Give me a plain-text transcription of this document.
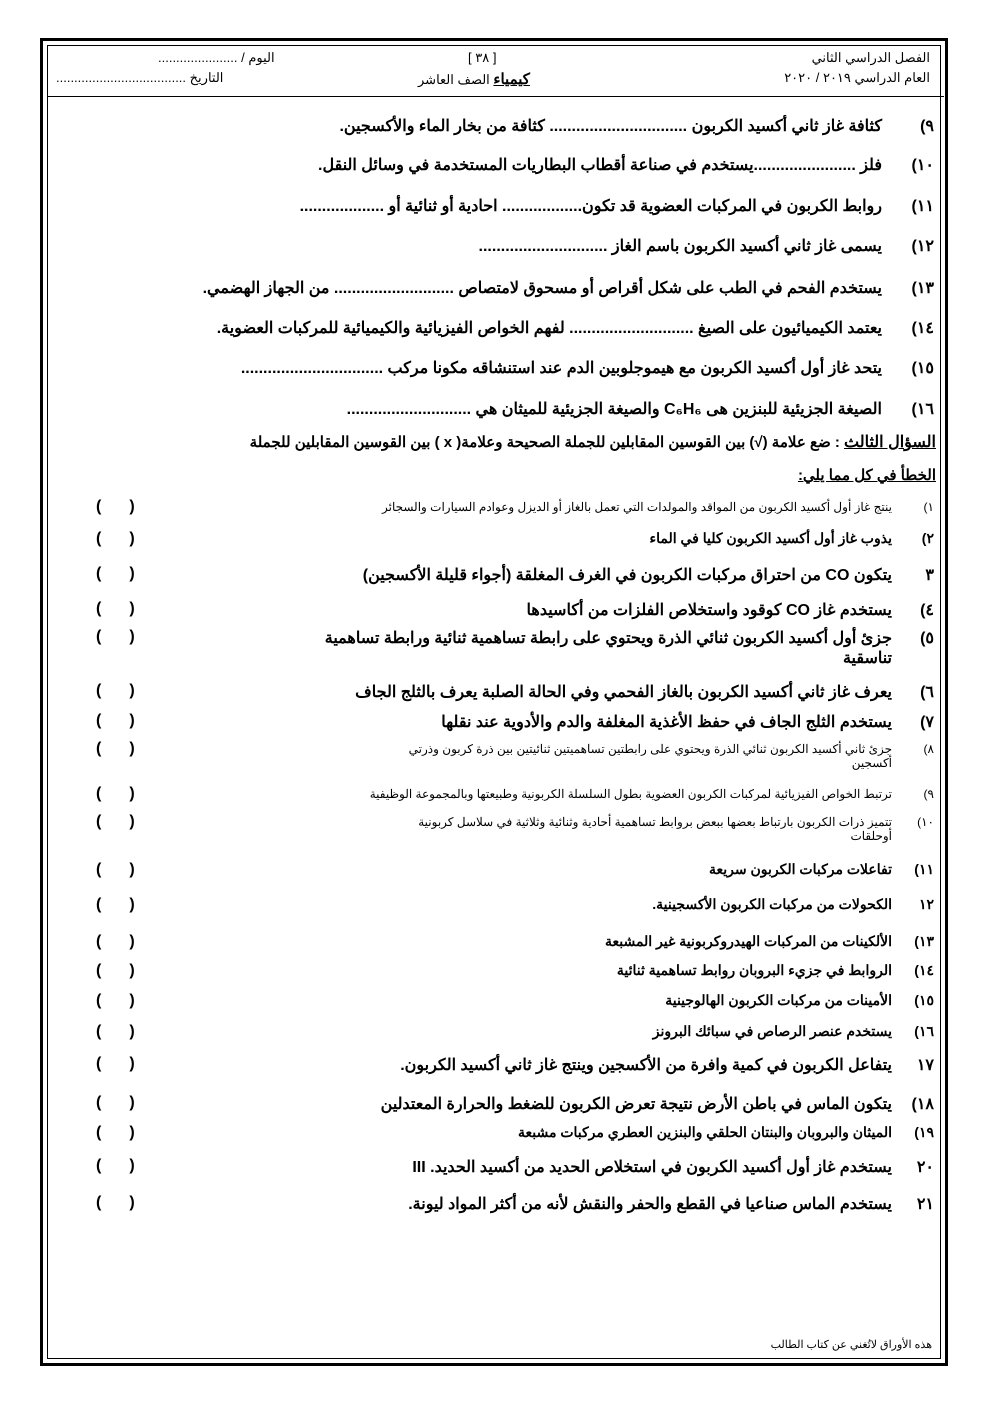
الفصل الدراسي الثاني
العام الدراسي ٢٠١٩ / ٢٠٢٠
[ ٣٨ ]
كيمياء الصف العاشر
اليوم / ......................
التاريخ ....................................
٩)كثافة غاز ثاني أكسيد الكربون ............................... كثافة من بخار الماء والأكسجين.
١٠)فلز .......................يستخدم في صناعة أقطاب البطاريات المستخدمة في وسائل النقل.
١١)روابط الكربون في المركبات العضوية قد تكون.................. احادية أو ثنائية أو ...................
١٢)يسمى غاز ثاني أكسيد الكربون باسم الغاز .............................
١٣)يستخدم الفحم في الطب على شكل أقراص أو مسحوق لامتصاص ........................... من الجهاز الهضمي.
١٤)يعتمد الكيميائيون على الصيغ ............................ لفهم الخواص الفيزيائية والكيميائية للمركبات العضوية.
١٥)يتحد غاز أول أكسيد الكربون مع هيموجلوبين الدم عند استنشاقه مكونا مركب ................................
١٦)الصيغة الجزيئية للبنزين هى C₆H₆ والصيغة الجزيئية للميثان هي ............................
السؤال الثالث : ضع علامة (√) بين القوسين المقابلين للجملة الصحيحة وعلامة( x ) بين القوسين المقابلين للجملة
الخطأ في كل مما يلي:
١)ينتج غاز أول أكسيد الكربون من المواقد والمولدات التي تعمل بالغاز أو الديزل وعوادم السيارات والسجائر
( )
٢)يذوب غاز أول أكسيد الكربون كليا في الماء
( )
٣يتكون CO من احتراق مركبات الكربون في الغرف المغلقة (أجواء قليلة الأكسجين)
( )
٤)يستخدم غاز CO كوقود واستخلاص الفلزات من أكاسيدها
( )
٥)جزئ أول أكسيد الكربون ثنائي الذرة ويحتوي على رابطة تساهمية ثنائية ورابطة تساهمية
تناسقية
( )
٦)يعرف غاز ثاني أكسيد الكربون بالغاز الفحمي وفي الحالة الصلبة يعرف بالثلج الجاف
( )
٧)يستخدم الثلج الجاف في حفظ الأغذية المغلفة والدم والأدوية عند نقلها
( )
٨)جزئ ثاني أكسيد الكربون ثنائي الذرة ويحتوي على رابطتين تساهميتين ثنائيتين بين ذرة كربون وذرتي
أكسجين
( )
٩)ترتبط الخواص الفيزيائية لمركبات الكربون العضوية بطول السلسلة الكربونية وطبيعتها وبالمجموعة الوظيفية
( )
١٠)تتميز ذرات الكربون بارتباط بعضها ببعض بروابط تساهمية أحادية وثنائية وثلاثية في سلاسل كربونية
أوحلقات
( )
١١)تفاعلات مركبات الكربون سريعة
( )
١٢الكحولات من مركبات الكربون الأكسجينية.
( )
١٣)الألكينات من المركبات الهيدروكربونية غير المشبعة
( )
١٤)الروابط في جزيء البروبان روابط تساهمية ثنائية
( )
١٥)الأمينات من مركبات الكربون الهالوجينية
( )
١٦)يستخدم عنصر الرصاص في سبائك البرونز
( )
١٧يتفاعل الكربون في كمية وافرة من الأكسجين وينتج غاز ثاني أكسيد الكربون.
( )
١٨)يتكون الماس في باطن الأرض نتيجة تعرض الكربون للضغط والحرارة المعتدلين
( )
١٩)الميثان والبروبان والبنتان الحلقي والبنزين العطري مركبات مشبعة
( )
٢٠يستخدم غاز أول أكسيد الكربون في استخلاص الحديد من أكسيد الحديد. III
( )
٢١يستخدم الماس صناعيا في القطع والحفر والنقش لأنه من أكثر المواد ليونة.
( )
هذه الأوراق لاتُغني عن كتاب الطالب
